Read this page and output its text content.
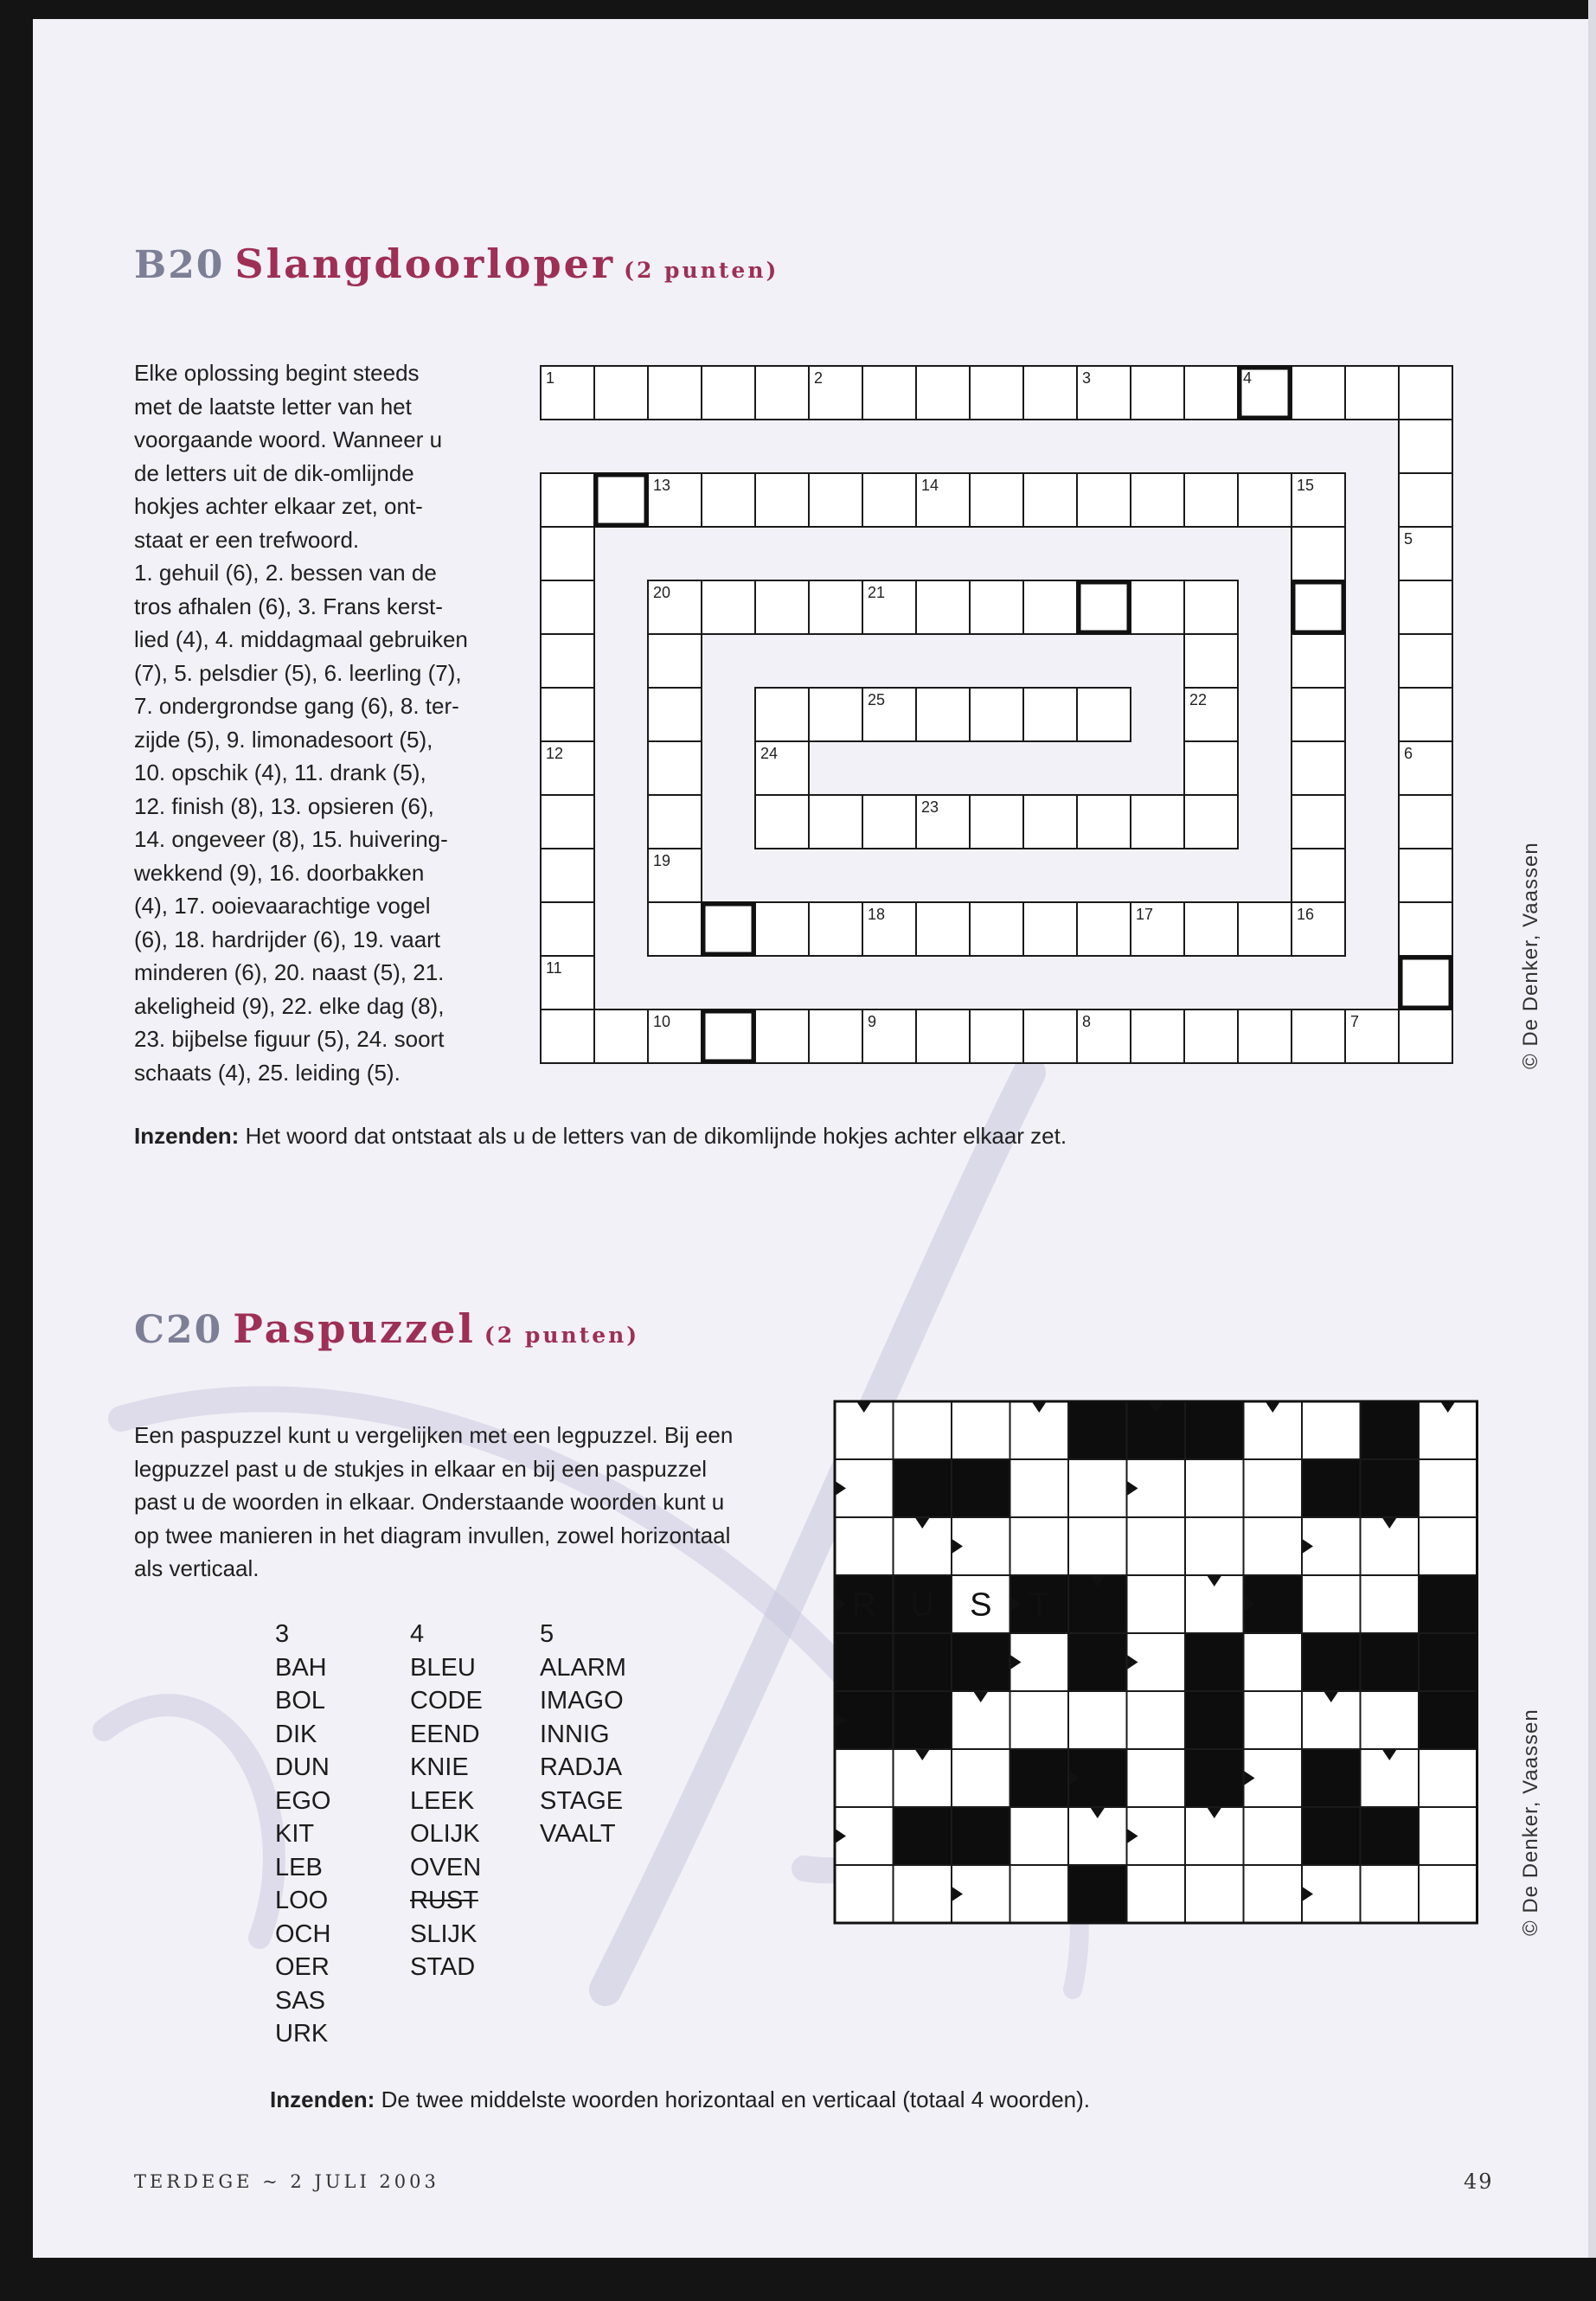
B20 Slangdoorloper (2 punten)

Elke oplossing begint steeds

met de laatste letter van het

voorgaande woord. Wanneer u

de letters uit de dik-omlijnde

hokjes achter elkaar zet, ont-

staat er een trefwoord.

1. gehuil (6), 2. bessen van de

tros afhalen (6), 3. Frans kerst-

lied (4), 4. middagmaal gebruiken

(7), 5. pelsdier (5), 6. leerling (7),

7. ondergrondse gang (6), 8. ter-

zijde (5), 9. limonadesoort (5),

10. opschik (4), 11. drank (5),

12. finish (8), 13. opsieren (6),

14. ongeveer (8), 15. huivering-

wekkend (9), 16. doorbakken

(4), 17. ooievaarachtige vogel

(6), 18. hardrijder (6), 19. vaart

minderen (6), 20. naast (5), 21.

akeligheid (9), 22. elke dag (8),

23. bijbelse figuur (5), 24. soort

schaats (4), 25. leiding (5).

1	2	3	4
5
6
7
8
9
10
11
12
13	14	15
16
17
18
19
20	21
22
23
24
25

Inzenden: Het woord dat ontstaat als u de letters van de dikomlijnde hokjes achter elkaar zet.

© De Denker, Vaassen
C20 Paspuzzel (2 punten)

Een paspuzzel kunt u vergelijken met een legpuzzel. Bij een

legpuzzel past u de stukjes in elkaar en bij een paspuzzel

past u de woorden in elkaar. Onderstaande woorden kunt u

op twee manieren in het diagram invullen, zowel horizontaal

als verticaal.

3
BAH
BOL
DIK
DUN
EGO
KIT
LEB
LOO
OCH
OER
SAS
URK
4
BLEU
CODE
EEND
KNIE
LEEK
OLIJK
OVEN
RUST
SLIJK
STAD
5
ALARM
IMAGO
INNIG
RADJA
STAGE
VAALT
R U S T

Inzenden: De twee middelste woorden horizontaal en verticaal (totaal 4 woorden).

© De Denker, Vaassen
TERDEGE ~ 2 JULI 2003	49
